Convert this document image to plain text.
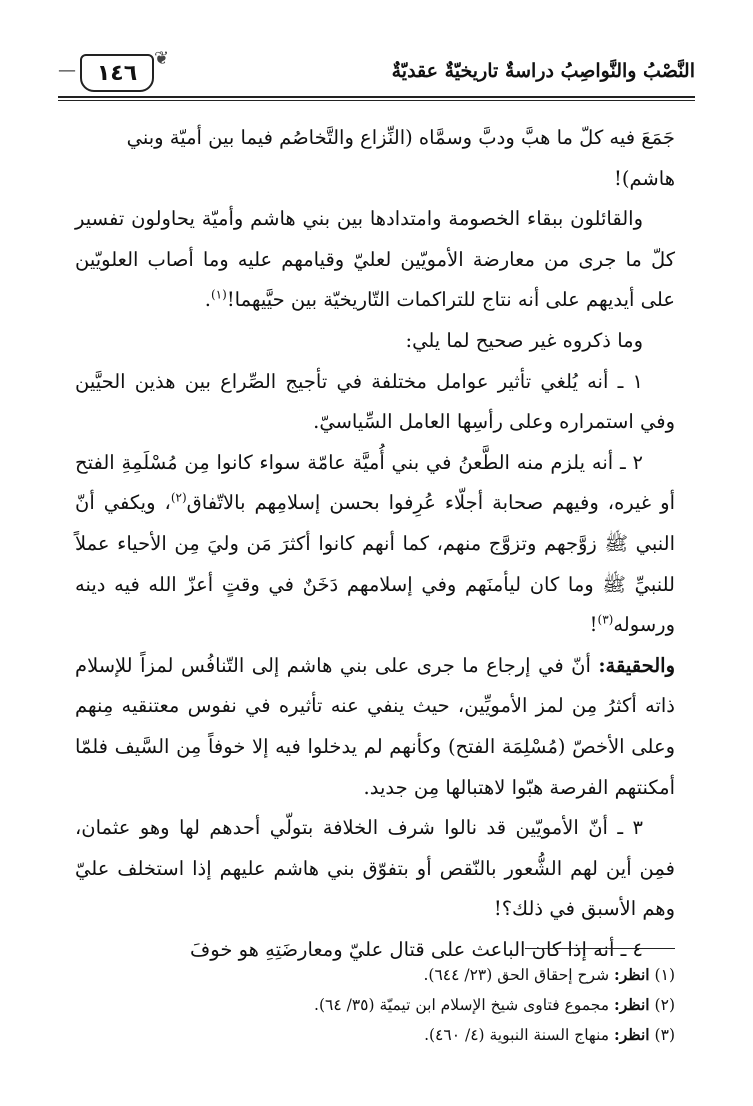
النَّصْبُ والنَّواصِبُ دراسةٌ تاريخيّةٌ عقديّةٌ
❦
١٤٦
—

جَمَعَ فيه كلّ ما هبَّ ودبَّ وسمَّاه (النِّزاع والتَّخاصُم فيما بين أميّة وبني
هاشم)!

والقائلون ببقاء الخصومة وامتدادها بين بني هاشم وأميّة يحاولون تفسير كلّ ما جرى من معارضة الأمويّين لعليّ وقيامهم عليه وما أصاب العلويّين على أيديهم على أنه نتاج للتراكمات التّاريخيّة بين حيَّيهما!$^{(١)}$.

وما ذكروه غير صحيح لما يلي:

١ ـ أنه يُلغي تأثير عوامل مختلفة في تأجيج الصِّراع بين هذين الحيَّين وفي استمراره وعلى رأسِها العامل السِّياسيّ.

٢ ـ أنه يلزم منه الطَّعنُ في بني أُميَّة عامّة سواء كانوا مِن مُسْلَمِةِ الفتح أو غيره، وفيهم صحابة أجلّاء عُرِفوا بحسن إسلامِهم بالاتّفاق$^{(٢)}$، ويكفي أنّ النبي ﷺ زوَّجهم وتزوَّج منهم، كما أنهم كانوا أكثرَ مَن وليَ مِن الأحياء عملاً للنبيِّ ﷺ وما كان ليأمنَهم وفي إسلامهم دَخَنٌ في وقتٍ أعزّ الله فيه دينه ورسوله$^{(٣)}$!

والحقيقة: أنّ في إرجاع ما جرى على بني هاشم إلى التّنافُس لمزاً للإسلام ذاته أكثرُ مِن لمز الأمويِّين، حيث ينفي عنه تأثيره في نفوس معتنقيه مِنهم وعلى الأخصّ (مُسْلِمَة الفتح) وكأنهم لم يدخلوا فيه إلا خوفاً مِن السَّيف فلمّا أمكنتهم الفرصة هبّوا لاهتبالها مِن جديد.

٣ ـ أنّ الأمويّين قد نالوا شرف الخلافة بتولّي أحدهم لها وهو عثمان، فمِن أين لهم الشُّعور بالنّقص أو بتفوّق بني هاشم عليهم إذا استخلف عليّ وهم الأسبق في ذلك؟!

٤ ـ أنه إذا كان الباعث على قتال عليّ ومعارضَتِهِ هو خوفَ

(١) انظر: شرح إحقاق الحق (٢٣/ ٦٤٤).
(٢) انظر: مجموع فتاوى شيخ الإسلام ابن تيميّة (٣٥/ ٦٤).
(٣) انظر: منهاج السنة النبوية (٤/ ٤٦٠).
